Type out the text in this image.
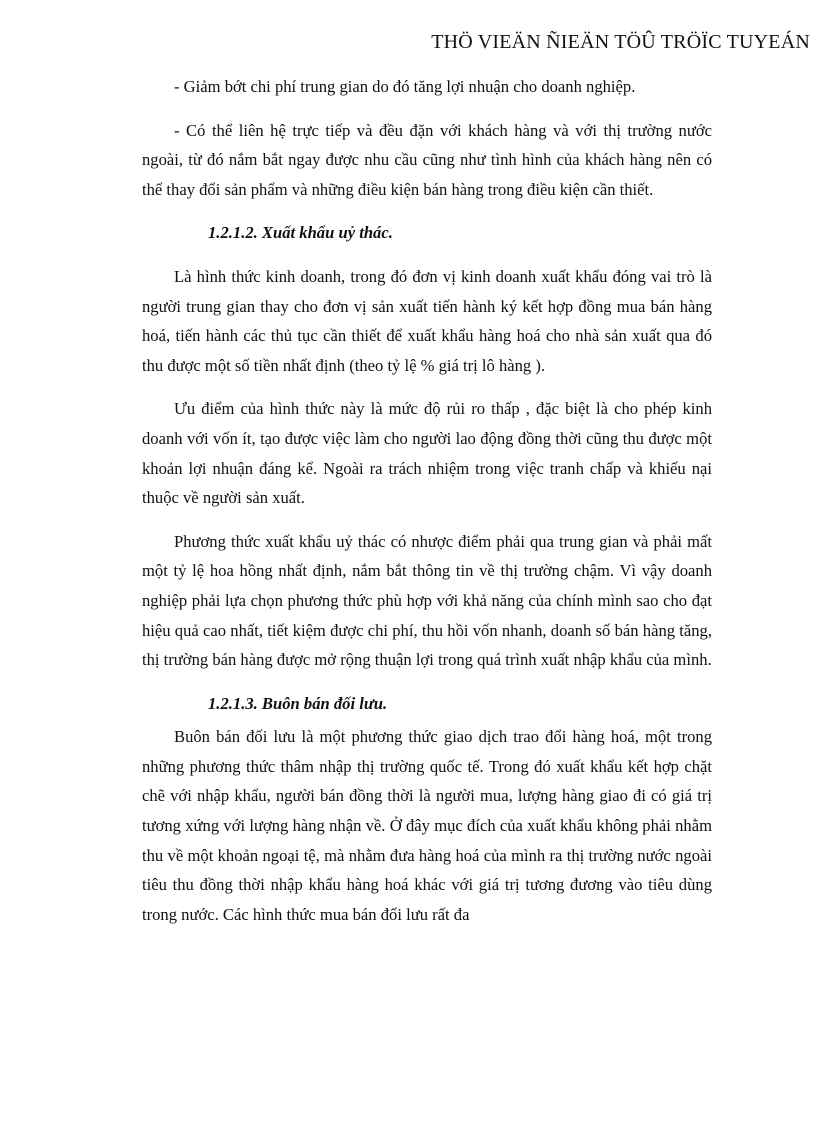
THÖ VIEÄN ÑIEÄN TÖÛ TRÖÏC TUYEÁN

- Giảm bớt chi phí trung gian do đó tăng lợi nhuận cho doanh nghiệp.

- Có thể liên hệ trực tiếp và đều đặn với khách hàng và với thị trường nước ngoài, từ đó nắm bắt ngay được nhu cầu cũng như tình hình của khách hàng nên có thể thay đổi sản phẩm và những điều kiện bán hàng trong điều kiện cần thiết.

1.2.1.2. Xuất khẩu uỷ thác.

Là hình thức kinh doanh, trong đó đơn vị kinh doanh xuất khẩu đóng vai trò là người trung gian thay cho đơn vị sản xuất tiến hành ký kết hợp đồng mua bán hàng hoá, tiến hành các thủ tục cần thiết để xuất khẩu hàng hoá cho nhà sản xuất qua đó thu được một số tiền nhất định (theo tỷ lệ % giá trị lô hàng ).

Ưu điểm của hình thức này là mức độ rủi ro thấp , đặc biệt là cho phép kinh doanh với vốn ít, tạo được việc làm cho người lao động đồng thời cũng thu được một khoản lợi nhuận đáng kể. Ngoài ra trách nhiệm trong việc tranh chấp và khiếu nại thuộc về người sản xuất.

Phương thức xuất khẩu uỷ thác có nhược điểm phải qua trung gian và phải mất một tỷ lệ hoa hồng nhất định, nắm bắt thông tin về thị trường chậm. Vì vậy doanh nghiệp phải lựa chọn phương thức phù hợp với khả năng của chính mình sao cho đạt hiệu quả cao nhất, tiết kiệm được chi phí, thu hồi vốn nhanh, doanh số bán hàng tăng, thị trường bán hàng được mở rộng thuận lợi trong quá trình xuất nhập khẩu của mình.

1.2.1.3. Buôn bán đối lưu.

Buôn bán đối lưu là một phương thức giao dịch trao đổi hàng hoá, một trong những phương thức thâm nhập thị trường quốc tế. Trong đó xuất khẩu kết hợp chặt chẽ với nhập khẩu, người bán đồng thời là người mua, lượng hàng giao đi có giá trị tương xứng với lượng hàng nhận về. Ở đây mục đích của xuất khẩu không phải nhằm thu về một khoản ngoại tệ, mà nhằm đưa hàng hoá của mình ra thị trường nước ngoài tiêu thu đồng thời nhập khẩu hàng hoá khác với giá trị tương đương vào tiêu dùng trong nước. Các hình thức mua bán đối lưu rất đa
